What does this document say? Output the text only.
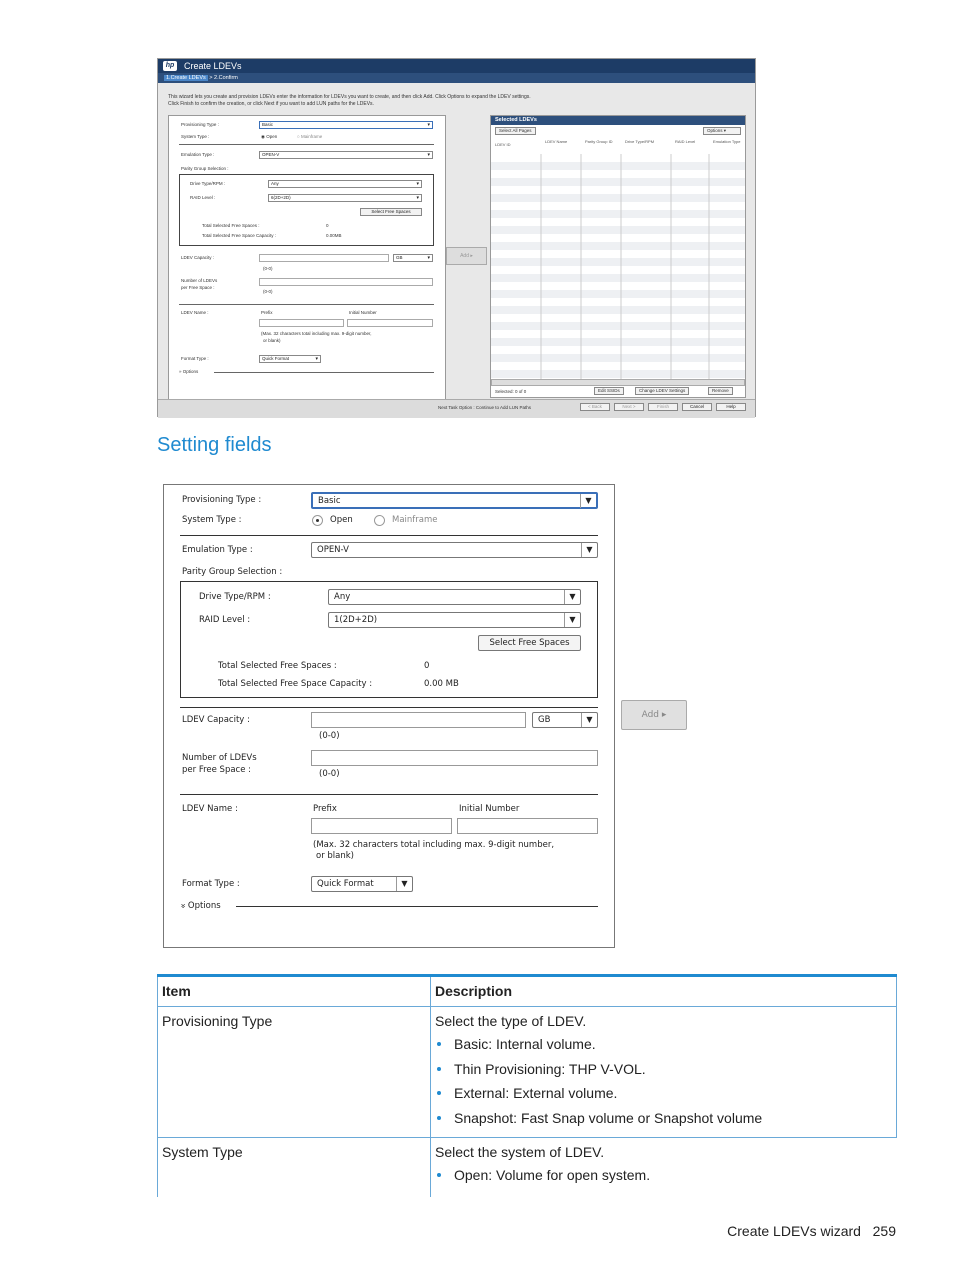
hp	Create LDEVs
1.Create LDEVs > 2.Confirm
This wizard lets you create and provision LDEVs enter the information for LDEVs you want to create, and then click Add. Click Options to expand the LDEV settings.
Click Finish to confirm the creation, or click Next if you want to add LUN paths for the LDEVs.
Provisioning Type :	Basic ▾
System Type :	◉ Open	○ Mainframe
Emulation Type :	OPEN-V ▾
Parity Group Selection :
Drive Type/RPM :	Any ▾
RAID Level :	6(2D+2D) ▾
Select Free Spaces
Total Selected Free Spaces :	0
Total Selected Free Space Capacity :	0.00MB
LDEV Capacity :	GB ▾
(0-0)
Number of LDEVs
per Free Space :
(0-0)
LDEV Name :	Prefix	Initial Number
(Max. 32 characters total including max. 9-digit number,
or blank)
Format Type :	Quick Format ▾
» Options
Add ▸
Selected LDEVs
Select All Pages	Options ▾
LDEV ID
LDEV Name	Parity Group ID	Drive Type/RPM	RAID Level	Emulation Type
Selected: 0 of 0	Edit SSIDs	Change LDEV Settings	Remove
Next Task Option : Continue to Add LUN Paths	< Back	Next >	Finish	Cancel	Help
Setting fields
Provisioning Type :	Basic	▼
System Type :	Open	Mainframe
Emulation Type :	OPEN-V	▼
Parity Group Selection :
Drive Type/RPM :	Any	▼
RAID Level :	1(2D+2D)	▼
Select Free Spaces
Total Selected Free Spaces :	0
Total Selected Free Space Capacity :	0.00 MB
LDEV Capacity :	GB	▼
(0-0)
Number of LDEVs
per Free Space :	(0-0)
LDEV Name :	Prefix	Initial Number
(Max. 32 characters total including max. 9-digit number,
or blank)
Format Type :	Quick Format	▼
» Options
Add ▸
Item	Description
Provisioning Type	Select the type of LDEV.
Basic: Internal volume.
Thin Provisioning: THP V-VOL.
External: External volume.
Snapshot: Fast Snap volume or Snapshot volume
System Type	Select the system of LDEV.
Open: Volume for open system.
Create LDEVs wizard 259
